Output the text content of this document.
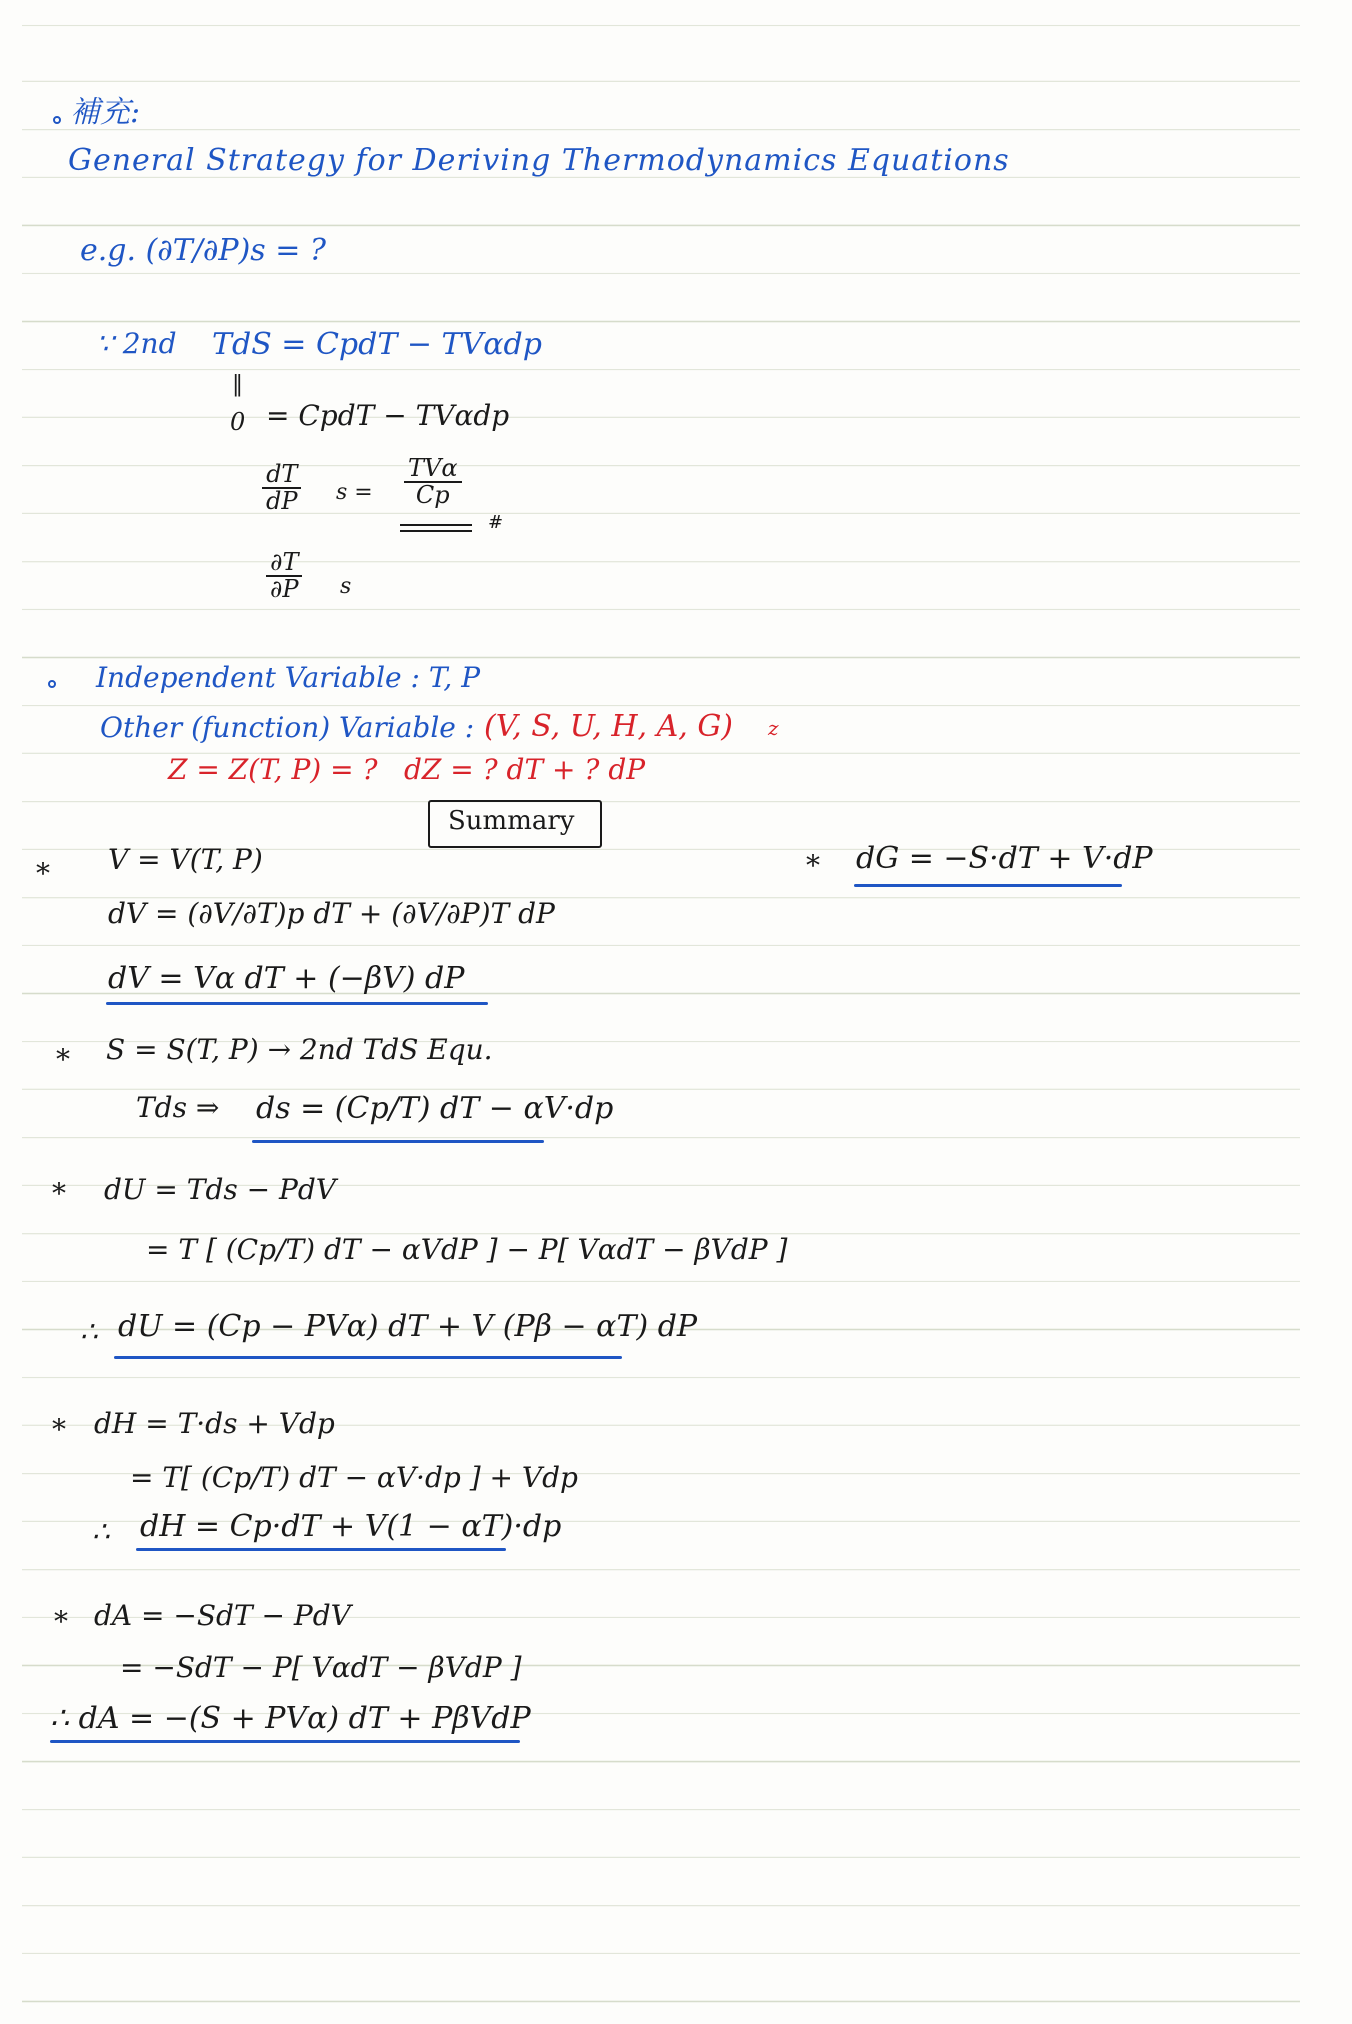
補充:
General Strategy for Deriving Thermodynamics Equations
e.g. (∂T/∂P)s = ?
∵ 2nd TdS = CpdT − TVαdp
‖
0 = CpdT − TVαdp
$\frac{dT}{dP}$ s =
TVα
Cp
#
$\frac{\partial T}{\partial P}$ s
Independent Variable : T, P
Other (function) Variable : (V, S, U, H, A, G) z
Z = Z(T, P) = ? dZ = ? dT + ? dP
Summary
* V = V(T, P)
dV = (∂V/∂T)p dT + (∂V/∂P)T dP
dV = Vα dT + (−βV) dP
* dG = −S·dT + V·dP
* S = S(T, P) → 2nd TdS Equ.
Tds ⇒ ds = (Cp/T) dT − αV·dp
* dU = Tds − PdV
= T [ (Cp/T) dT − αVdP ] − P[ VαdT − βVdP ]
∴ dU = (Cp − PVα) dT + V (Pβ − αT) dP
* dH = T·ds + Vdp
= T[ (Cp/T) dT − αV·dp ] + Vdp
∴ dH = Cp·dT + V(1 − αT)·dp
* dA = −SdT − PdV
= −SdT − P[ VαdT − βVdP ]
∴ dA = −(S + PVα) dT + PβVdP
